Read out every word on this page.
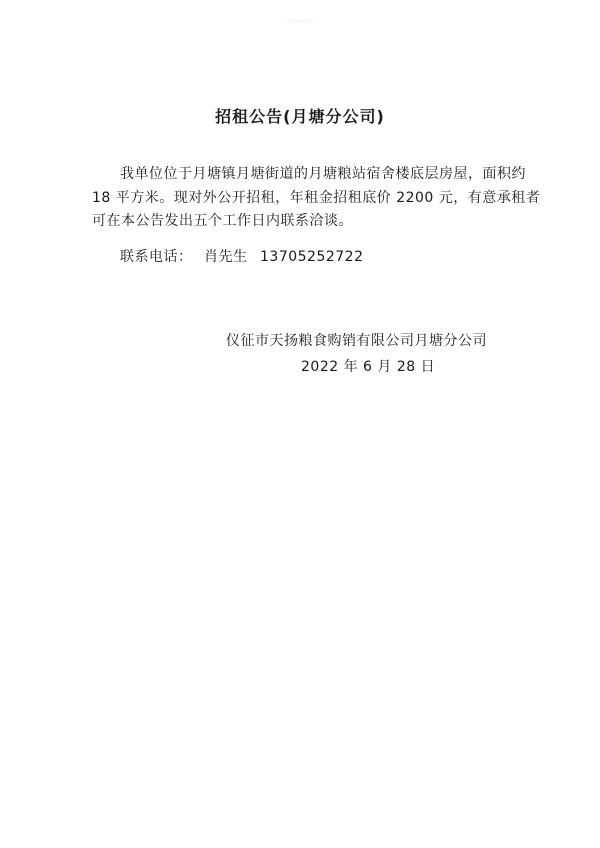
招租公告(月塘分公司)
我单位位于月塘镇月塘街道的月塘粮站宿舍楼底层房屋，面积约
18 平方米。现对外公开招租，年租金招租底价 2200 元，有意承租者
可在本公告发出五个工作日内联系洽谈。
联系电话： 肖先生 13705252722
仪征市天扬粮食购销有限公司月塘分公司
2022 年 6 月 28 日
